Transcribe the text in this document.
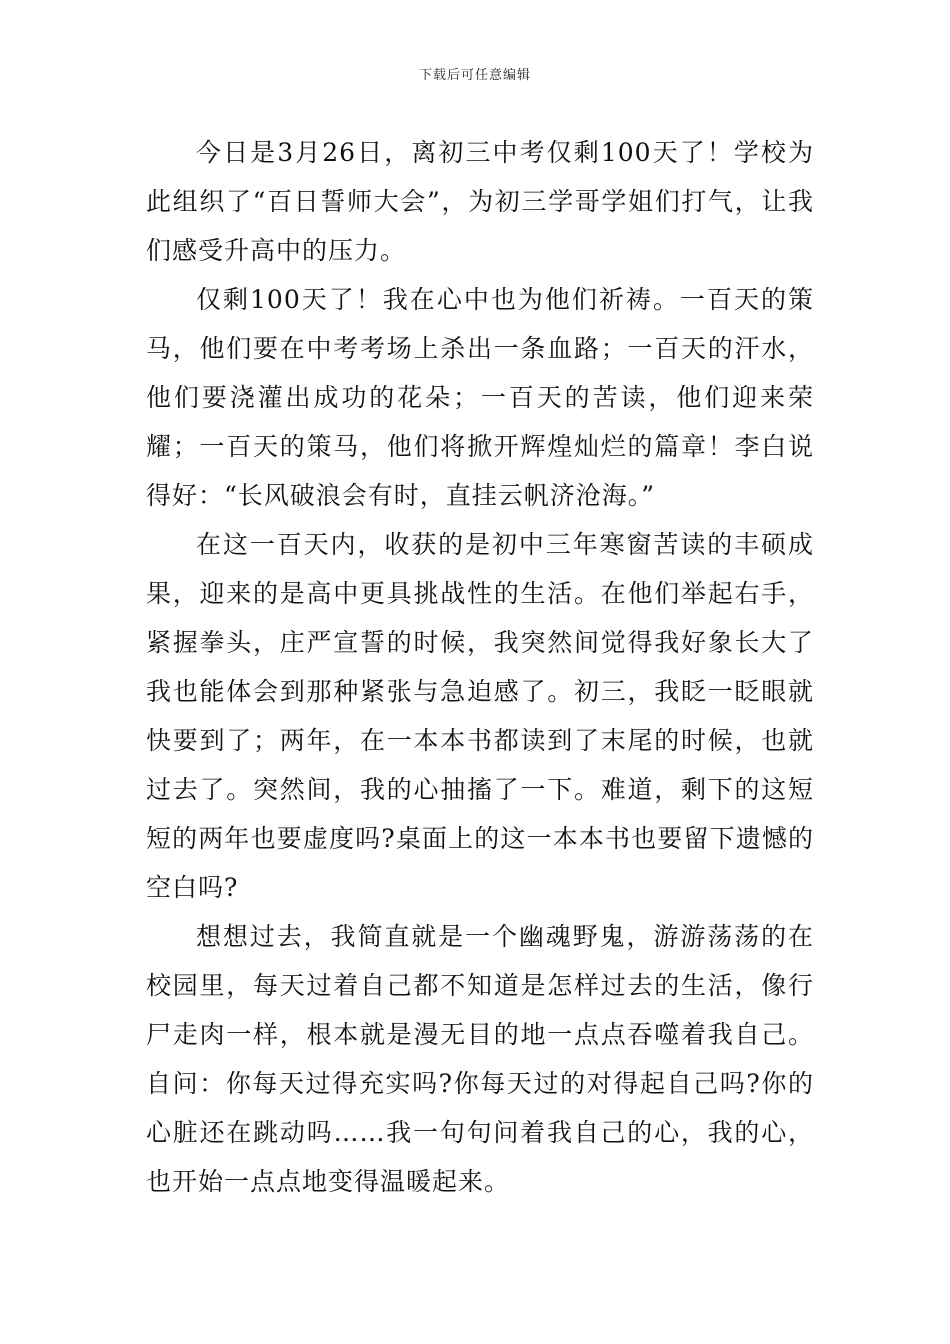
下载后可任意编辑

今日是3月26日，离初三中考仅剩100天了！学校为此组织了“百日誓师大会”，为初三学哥学姐们打气，让我们感受升高中的压力。

仅剩100天了！我在心中也为他们祈祷。一百天的策马，他们要在中考考场上杀出一条血路；一百天的汗水，他们要浇灌出成功的花朵；一百天的苦读，他们迎来荣耀；一百天的策马，他们将掀开辉煌灿烂的篇章！李白说得好：“长风破浪会有时，直挂云帆济沧海。”

在这一百天内，收获的是初中三年寒窗苦读的丰硕成果，迎来的是高中更具挑战性的生活。在他们举起右手，紧握拳头，庄严宣誓的时候，我突然间觉得我好象长大了我也能体会到那种紧张与急迫感了。初三，我眨一眨眼就快要到了；两年，在一本本书都读到了末尾的时候，也就过去了。突然间，我的心抽搐了一下。难道，剩下的这短短的两年也要虚度吗?桌面上的这一本本书也要留下遗憾的空白吗?

想想过去，我简直就是一个幽魂野鬼，游游荡荡的在校园里，每天过着自己都不知道是怎样过去的生活，像行尸走肉一样，根本就是漫无目的地一点点吞噬着我自己。自问：你每天过得充实吗?你每天过的对得起自己吗?你的心脏还在跳动吗……我一句句问着我自己的心，我的心，也开始一点点地变得温暖起来。
